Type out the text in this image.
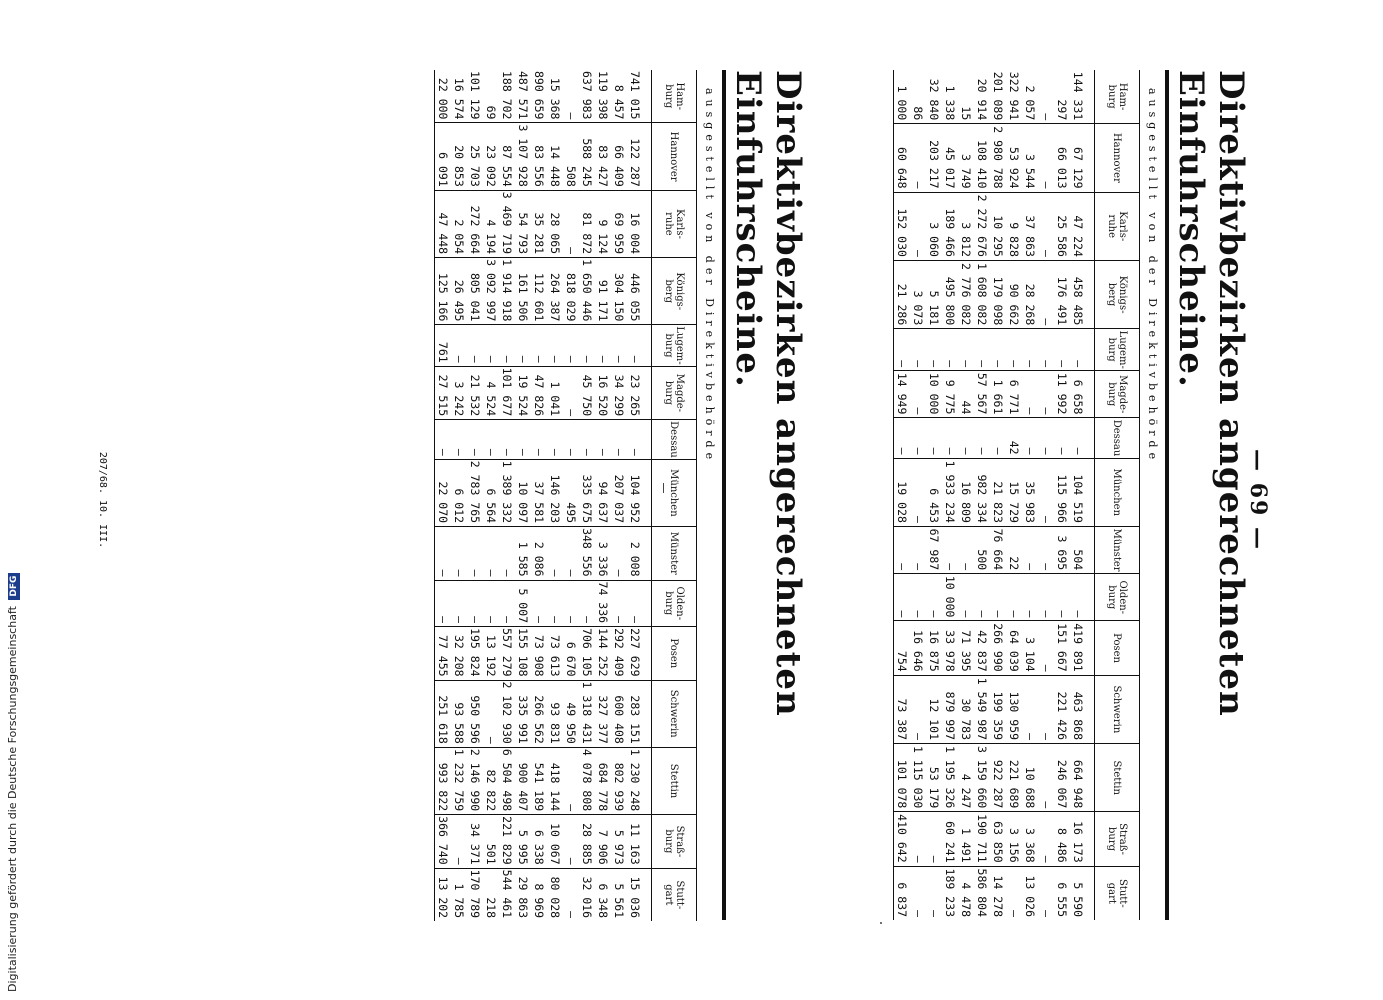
— 69 —
Direktivbezirken angerechneten Einfuhrscheine.
ausgestellt von der Direktivbehörde
Ham-
burg	Hannover	Karls-
ruhe	Königs-
berg	Lugem-
burg	Magde-
burg	Dessau	München	Münster	Olden-
burg	Posen	Schwerin	Stettin	Straß-
burg	Stutt-
gart
144 331	67 129	47 224	458 485	—	6 658	—	104 519	504	—	419 891	463 868	664 948	16 173	5 590
297	66 013	25 586	176 491	—	11 992	—	115 966	3 695	—	151 667	221 426	246 067	8 486	6 555
—	—	—	—	—	—	—	—	—	—	—	—	—	—	—
2 057	3 544	37 863	28 268	—	—	—	35 983	—	—	3 104	—	10 688	3 368	13 026
322 941	53 924	9 828	90 662	—	6 771	42	15 729	22	—	64 039	130 959	221 689	3 156	—
201 089	2 980 788	10 295	179 098	—	1 661	—	21 823	76 664	—	266 990	199 359	922 287	63 850	14 278
20 914	108 410	2 272 676	1 608 082	—	57 567	—	982 334	500	—	42 837	1 549 987	3 159 660	190 711	586 804
15	3 749	3 812	2 776 082	—	44	—	16 809	—	—	71 395	30 783	4 247	1 491	4 478
1 338	45 017	189 466	495 800	—	9 775	—	1 933 234	—	10 000	33 978	879 997	1 195 326	60 241	189 233
32 840	203 217	3 060	5 181	—	10 000	—	6 453	67 987	—	16 875	12 101	53 179	—	—
86	—	—	3 073	—	—	—	—	—	—	16 646	—	1 115 030	—	—
1 000	60 648	152 030	21 286	—	14 949	—	19 028	—	—	754	73 387	101 078	410 642	6 837
Direktivbezirken angerechneten Einfuhrscheine.
ausgestellt von der Direktivbehörde
Ham-
burg	Hannover	Karls-
ruhe	Königs-
berg	Lugem-
burg	Magde-
burg	Dessau	München	Münster	Olden-
burg	Posen	Schwerin	Stettin	Straß-
burg	Stutt-
gart
741 015	122 287	16 004	446 055	—	23 265	—	104 952	2 008	—	227 629	283 151	1 230 248	11 163	15 036
8 457	66 409	69 959	304 150	—	34 299	—	207 037	—	—	292 409	600 408	802 939	5 973	5 561
119 398	83 427	9 124	91 171	—	16 520	—	94 637	3 336	74 336	144 252	327 377	684 778	7 906	6 348
637 983	588 245	81 872	1 650 446	—	45 750	—	335 675	348 556	—	706 105	1 318 431	4 078 808	28 885	32 016
—	508	—	818 029	—	—	—	495	—	—	6 670	49 950	—	—	—
15 368	14 448	28 065	264 387	—	1 041	—	146 203	—	—	73 613	93 831	418 144	10 067	80 028
890 659	83 556	35 281	112 601	—	47 826	—	37 581	2 086	—	73 908	266 562	541 189	6 338	8 969
487 571	3 107 928	54 793	161 506	—	19 524	—	10 097	1 585	5 007	155 108	335 991	900 407	5 995	29 863
188 702	87 554	3 469 719	1 914 918	—	101 677	—	1 389 332	—	—	557 279	2 102 930	6 504 498	221 829	544 461
69	23 092	4 194	3 092 997	—	4 524	—	6 564	—	—	13 192	—	82 822	501	218
101 129	25 703	272 664	805 041	—	21 532	—	2 783 765	—	—	195 824	950 596	2 146 990	34 371	170 789
16 574	20 853	2 054	26 495	—	3 242	—	6 012	—	—	32 208	93 588	1 232 759	—	1 785
22 000	6 091	47 448	125 166	761	27 515	—	22 070	—	—	77 455	251 618	993 822	366 740	13 202
207/68. 10. III.
Digitalisierung gefördert durch die Deutsche Forschungsgemeinschaft DFG
